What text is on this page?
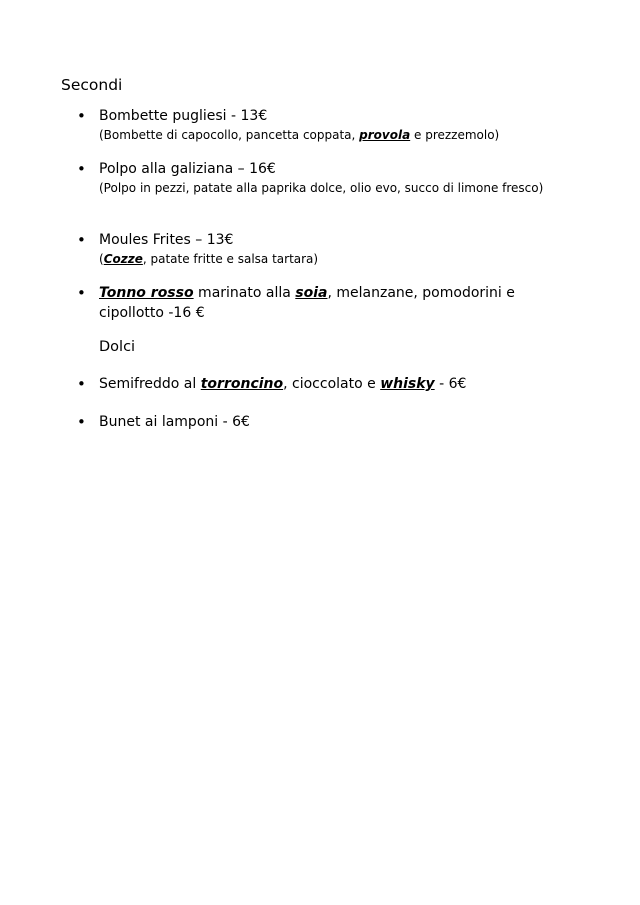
Secondi
• Bombette pugliesi - 13€
(Bombette di capocollo, pancetta coppata, provola e prezzemolo)
• Polpo alla galiziana – 16€
(Polpo in pezzi, patate alla paprika dolce, olio evo, succo di limone fresco)
• Moules Frites – 13€
(Cozze, patate fritte e salsa tartara)
• Tonno rosso marinato alla soia, melanzane, pomodorini e cipollotto -16 €
Dolci
• Semifreddo al torroncino, cioccolato e whisky - 6€
• Bunet ai lamponi - 6€
